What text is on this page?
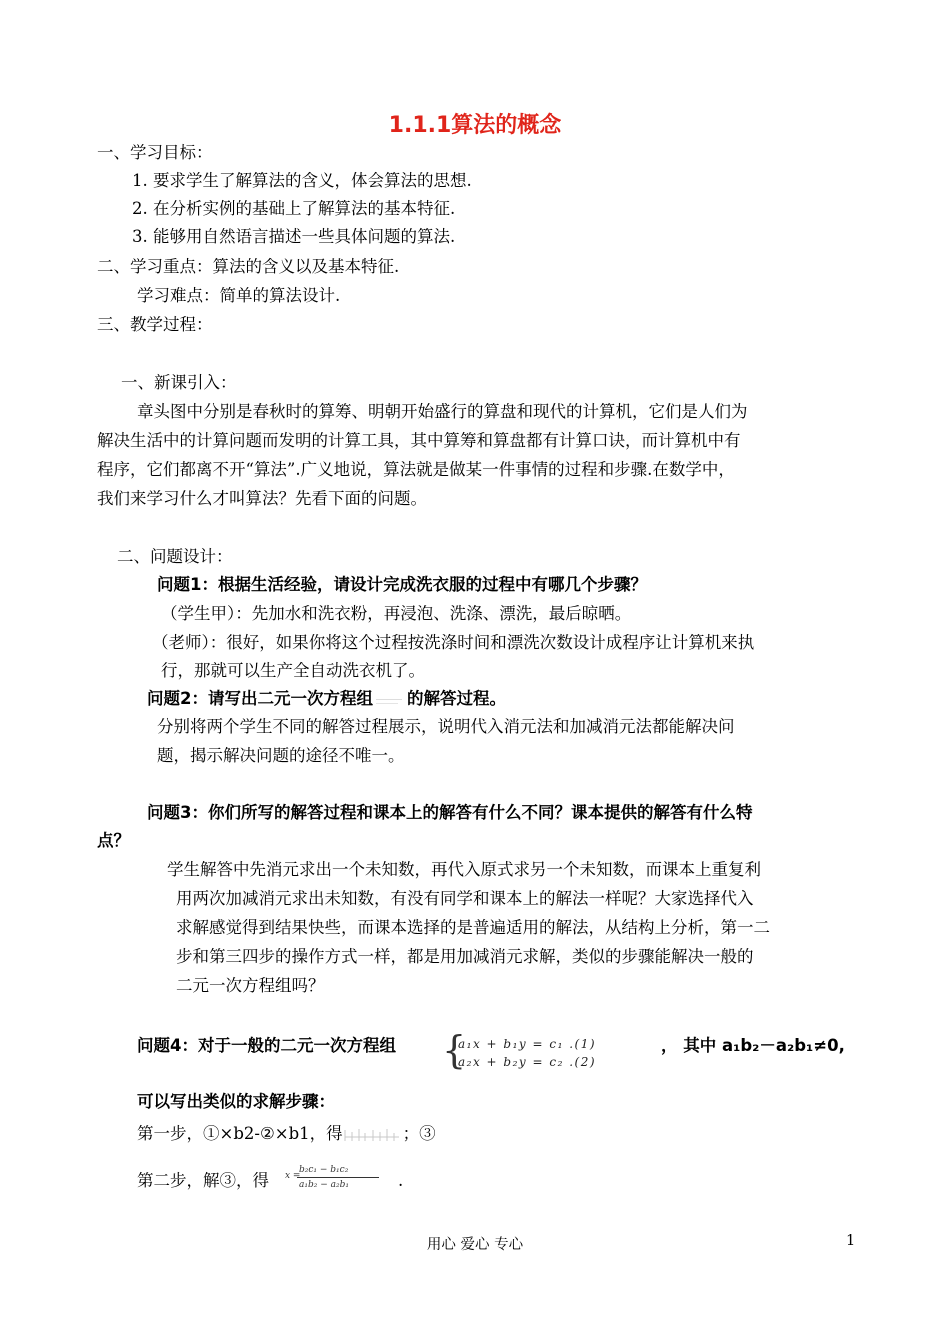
1.1.1算法的概念
一、学习目标：
1. 要求学生了解算法的含义，体会算法的思想.
2. 在分析实例的基础上了解算法的基本特征.
3. 能够用自然语言描述一些具体问题的算法.
二、学习重点：算法的含义以及基本特征.
学习难点：简单的算法设计.
三、教学过程：
一、新课引入：
章头图中分别是春秋时的算筹、明朝开始盛行的算盘和现代的计算机，它们是人们为
解决生活中的计算问题而发明的计算工具，其中算筹和算盘都有计算口诀，而计算机中有
程序，它们都离不开“算法”.广义地说，算法就是做某一件事情的过程和步骤.在数学中，
我们来学习什么才叫算法？先看下面的问题。
二、问题设计：
问题1：根据生活经验，请设计完成洗衣服的过程中有哪几个步骤？
（学生甲）：先加水和洗衣粉，再浸泡、洗涤、漂洗，最后晾晒。
（老师）：很好，如果你将这个过程按洗涤时间和漂洗次数设计成程序让计算机来执
行，那就可以生产全自动洗衣机了。
问题2：请写出二元一次方程组 的解答过程。
分别将两个学生不同的解答过程展示，说明代入消元法和加减消元法都能解决问
题，揭示解决问题的途径不唯一。
问题3：你们所写的解答过程和课本上的解答有什么不同？课本提供的解答有什么特
点？
学生解答中先消元求出一个未知数，再代入原式求另一个未知数，而课本上重复利
用两次加减消元求出未知数，有没有同学和课本上的解法一样呢？大家选择代入
求解感觉得到结果快些，而课本选择的是普遍适用的解法，从结构上分析，第一二
步和第三四步的操作方式一样，都是用加减消元求解，类似的步骤能解决一般的
二元一次方程组吗？
问题4：对于一般的二元一次方程组 {
a₁x + b₁y = c₁ .(1)
a₂x + b₂y = c₂ .(2)
， 其中 a₁b₂－a₂b₁≠0,
可以写出类似的求解步骤：
第一步，①×b2-②×b1，得	；③
第二步，解③，得 x =
b₂c₁ − b₁c₂
a₁b₂ − a₂b₁	.
用心 爱心 专心	1
